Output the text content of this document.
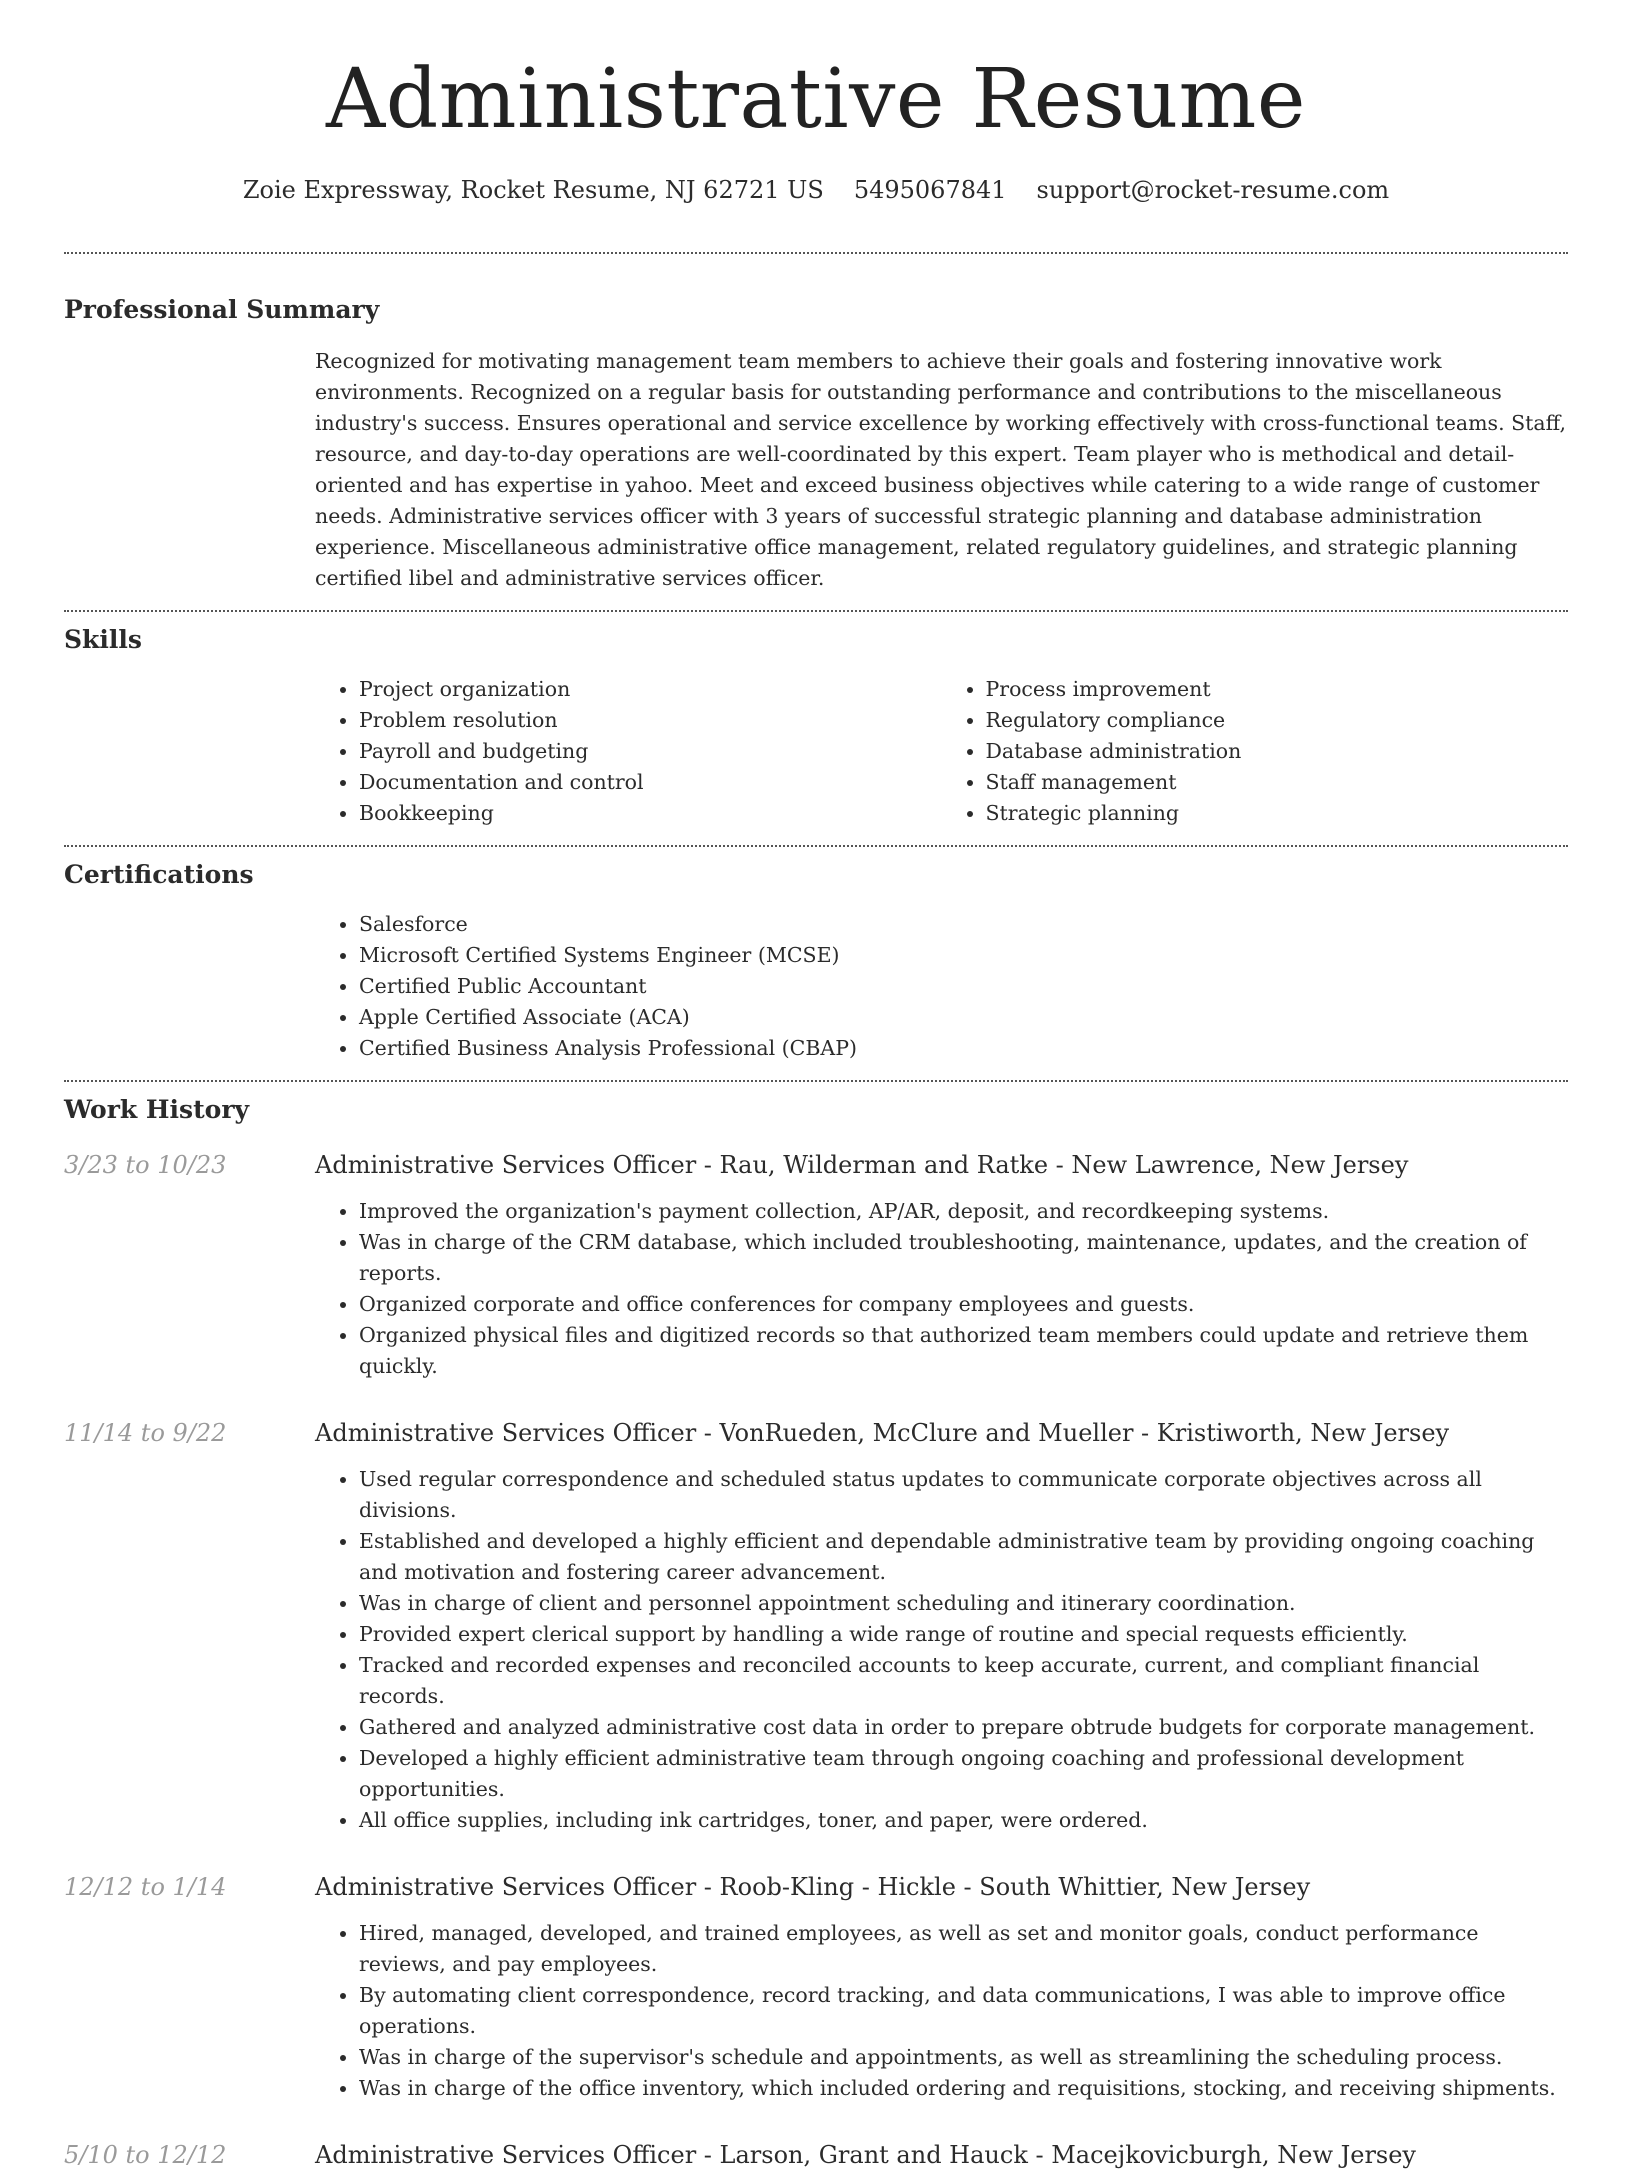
Administrative Resume
Zoie Expressway, Rocket Resume, NJ 62721 US 5495067841 support@rocket-resume.com
Professional Summary
Recognized for motivating management team members to achieve their goals and fostering innovative work environments. Recognized on a regular basis for outstanding performance and contributions to the miscellaneous industry's success. Ensures operational and service excellence by working effectively with cross-functional teams. Staff, resource, and day-to-day operations are well-coordinated by this expert. Team player who is methodical and detail-oriented and has expertise in yahoo. Meet and exceed business objectives while catering to a wide range of customer needs. Administrative services officer with 3 years of successful strategic planning and database administration experience. Miscellaneous administrative office management, related regulatory guidelines, and strategic planning certified libel and administrative services officer.
Skills
• Project organization
• Problem resolution
• Payroll and budgeting
• Documentation and control
• Bookkeeping
• Process improvement
• Regulatory compliance
• Database administration
• Staff management
• Strategic planning
Certifications
• Salesforce
• Microsoft Certified Systems Engineer (MCSE)
• Certified Public Accountant
• Apple Certified Associate (ACA)
• Certified Business Analysis Professional (CBAP)
Work History
3/23 to 10/23	Administrative Services Officer - Rau, Wilderman and Ratke - New Lawrence, New Jersey
• Improved the organization's payment collection, AP/AR, deposit, and recordkeeping systems.
• Was in charge of the CRM database, which included troubleshooting, maintenance, updates, and the creation of reports.
• Organized corporate and office conferences for company employees and guests.
• Organized physical files and digitized records so that authorized team members could update and retrieve them quickly.
11/14 to 9/22	Administrative Services Officer - VonRueden, McClure and Mueller - Kristiworth, New Jersey
• Used regular correspondence and scheduled status updates to communicate corporate objectives across all divisions.
• Established and developed a highly efficient and dependable administrative team by providing ongoing coaching and motivation and fostering career advancement.
• Was in charge of client and personnel appointment scheduling and itinerary coordination.
• Provided expert clerical support by handling a wide range of routine and special requests efficiently.
• Tracked and recorded expenses and reconciled accounts to keep accurate, current, and compliant financial records.
• Gathered and analyzed administrative cost data in order to prepare obtrude budgets for corporate management.
• Developed a highly efficient administrative team through ongoing coaching and professional development opportunities.
• All office supplies, including ink cartridges, toner, and paper, were ordered.
12/12 to 1/14	Administrative Services Officer - Roob-Kling - Hickle - South Whittier, New Jersey
• Hired, managed, developed, and trained employees, as well as set and monitor goals, conduct performance reviews, and pay employees.
• By automating client correspondence, record tracking, and data communications, I was able to improve office operations.
• Was in charge of the supervisor's schedule and appointments, as well as streamlining the scheduling process.
• Was in charge of the office inventory, which included ordering and requisitions, stocking, and receiving shipments.
5/10 to 12/12	Administrative Services Officer - Larson, Grant and Hauck - Macejkovicburgh, New Jersey
